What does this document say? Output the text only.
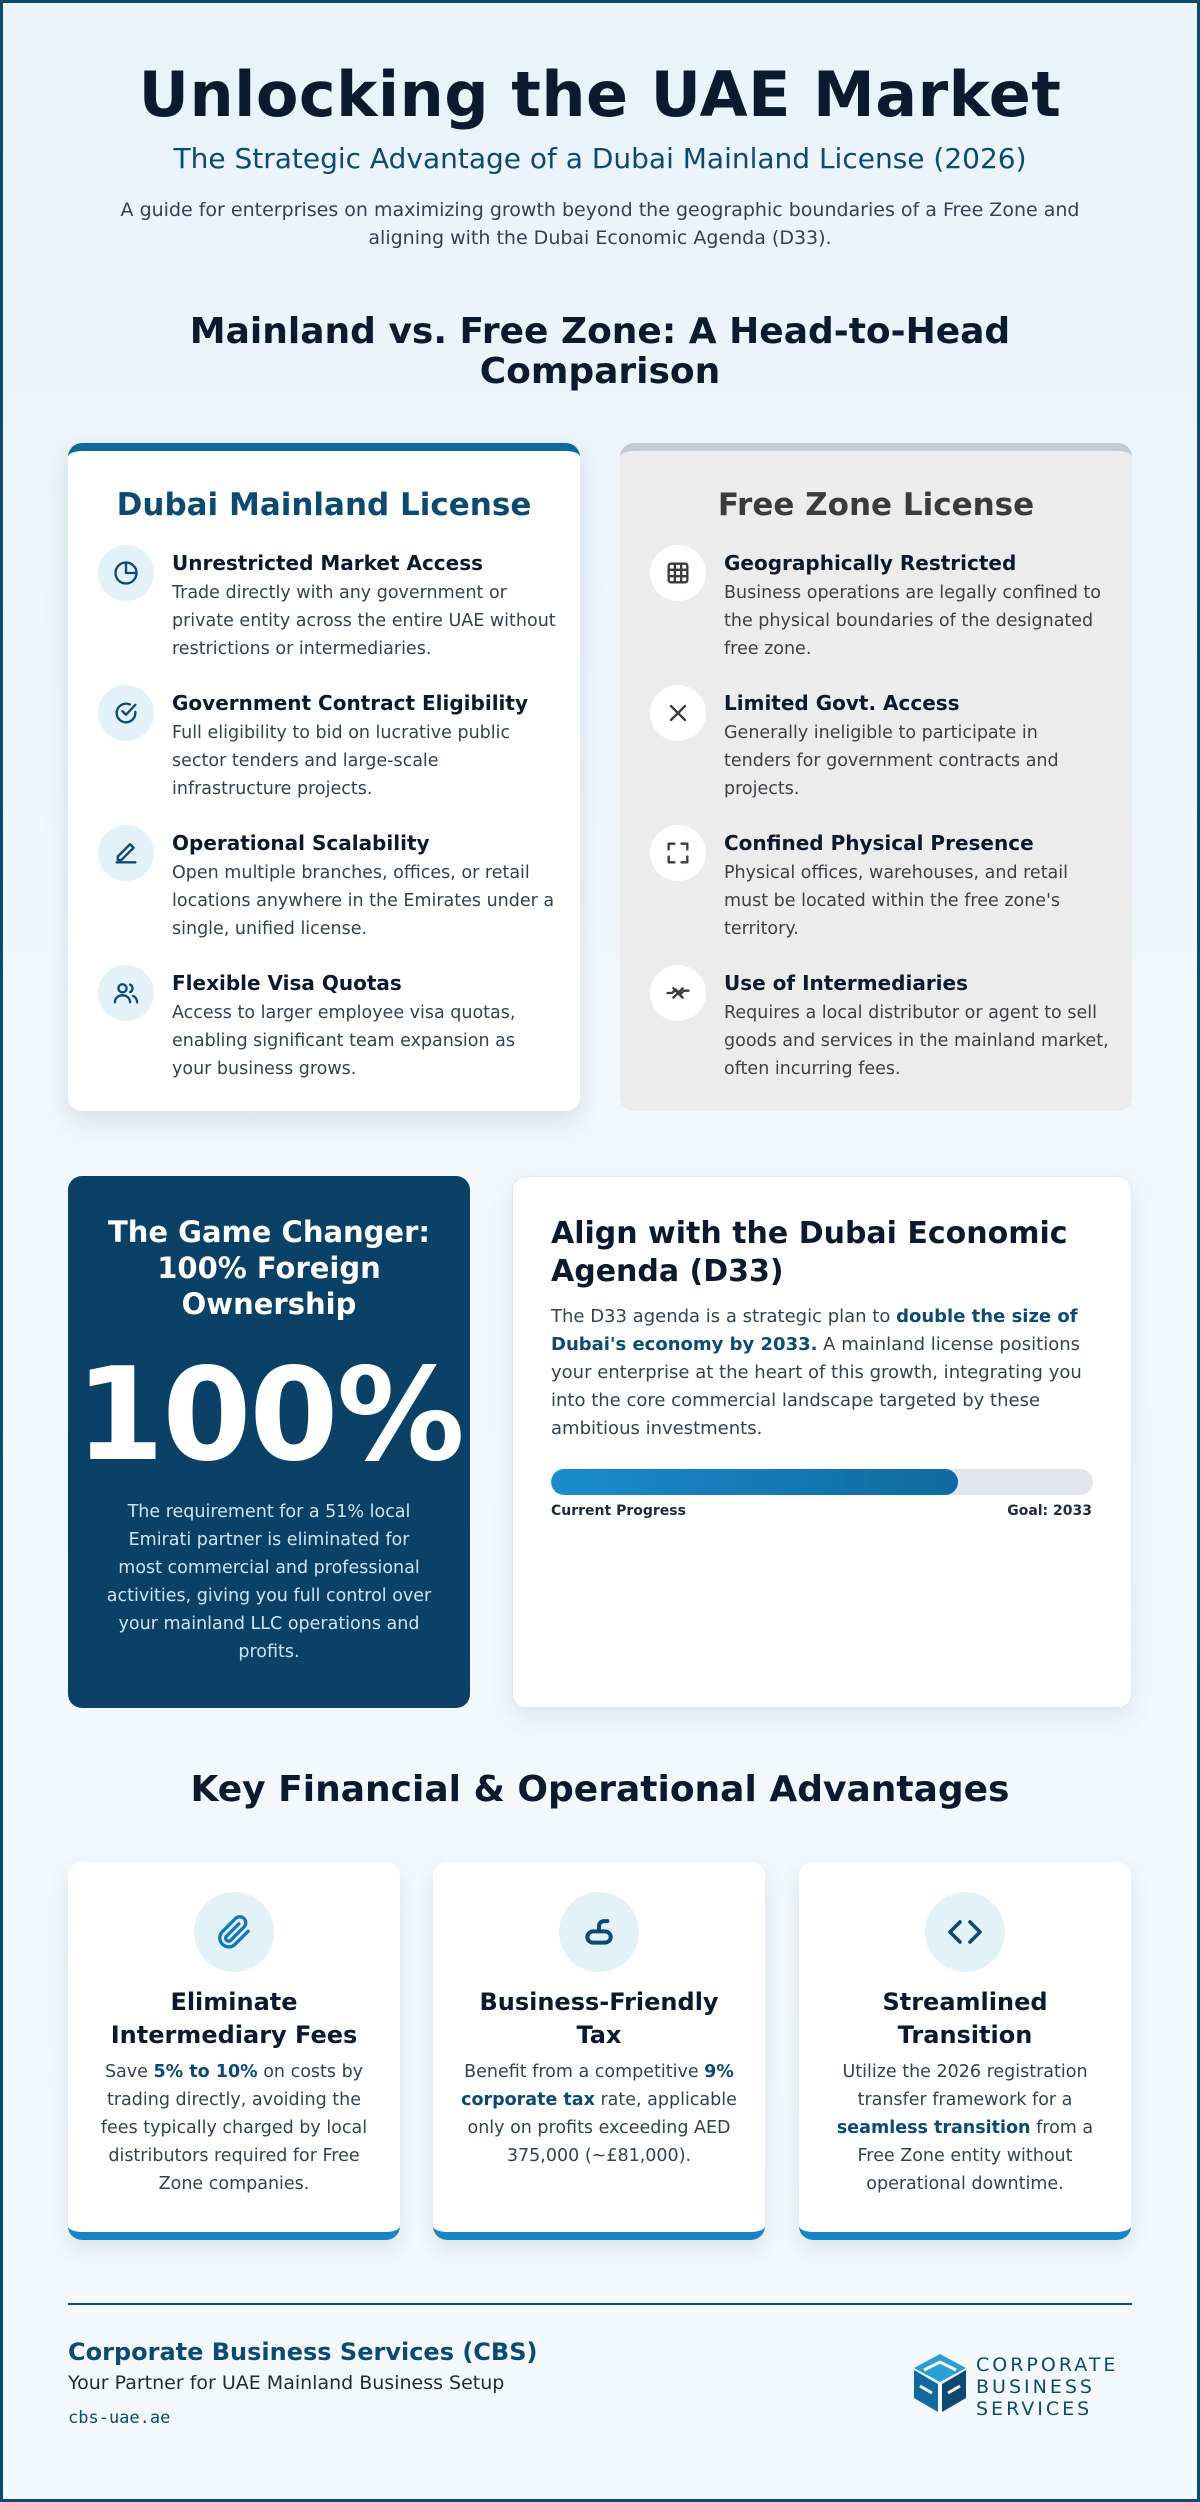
Unlocking the UAE Market
The Strategic Advantage of a Dubai Mainland License (2026)

A guide for enterprises on maximizing growth beyond the geographic boundaries of a Free Zone and aligning with the Dubai Economic Agenda (D33).

Mainland vs. Free Zone: A Head-to-Head Comparison
Dubai Mainland License
Unrestricted Market Access
Trade directly with any government or private entity across the entire UAE without restrictions or intermediaries.
Government Contract Eligibility
Full eligibility to bid on lucrative public sector tenders and large-scale infrastructure projects.
Operational Scalability
Open multiple branches, offices, or retail locations anywhere in the Emirates under a single, unified license.
Flexible Visa Quotas
Access to larger employee visa quotas, enabling significant team expansion as your business grows.
Free Zone License
Geographically Restricted
Business operations are legally confined to the physical boundaries of the designated free zone.
Limited Govt. Access
Generally ineligible to participate in tenders for government contracts and projects.
Confined Physical Presence
Physical offices, warehouses, and retail must be located within the free zone's territory.
Use of Intermediaries
Requires a local distributor or agent to sell goods and services in the mainland market, often incurring fees.
The Game Changer: 100% Foreign Ownership
100%
The requirement for a 51% local Emirati partner is eliminated for most commercial and professional activities, giving you full control over your mainland LLC operations and profits.
Align with the Dubai Economic Agenda (D33)

The D33 agenda is a strategic plan to double the size of Dubai's economy by 2033. A mainland license positions your enterprise at the heart of this growth, integrating you into the core commercial landscape targeted by these ambitious investments.

Current Progress	Goal: 2033
Key Financial & Operational Advantages
Eliminate Intermediary Fees

Save 5% to 10% on costs by trading directly, avoiding the fees typically charged by local distributors required for Free Zone companies.

Business-Friendly Tax

Benefit from a competitive 9% corporate tax rate, applicable only on profits exceeding AED 375,000 (~£81,000).

Streamlined Transition

Utilize the 2026 registration transfer framework for a seamless transition from a Free Zone entity without operational downtime.

Corporate Business Services (CBS)
Your Partner for UAE Mainland Business Setup
cbs-uae.ae
CORPORATE
BUSINESS
SERVICES
